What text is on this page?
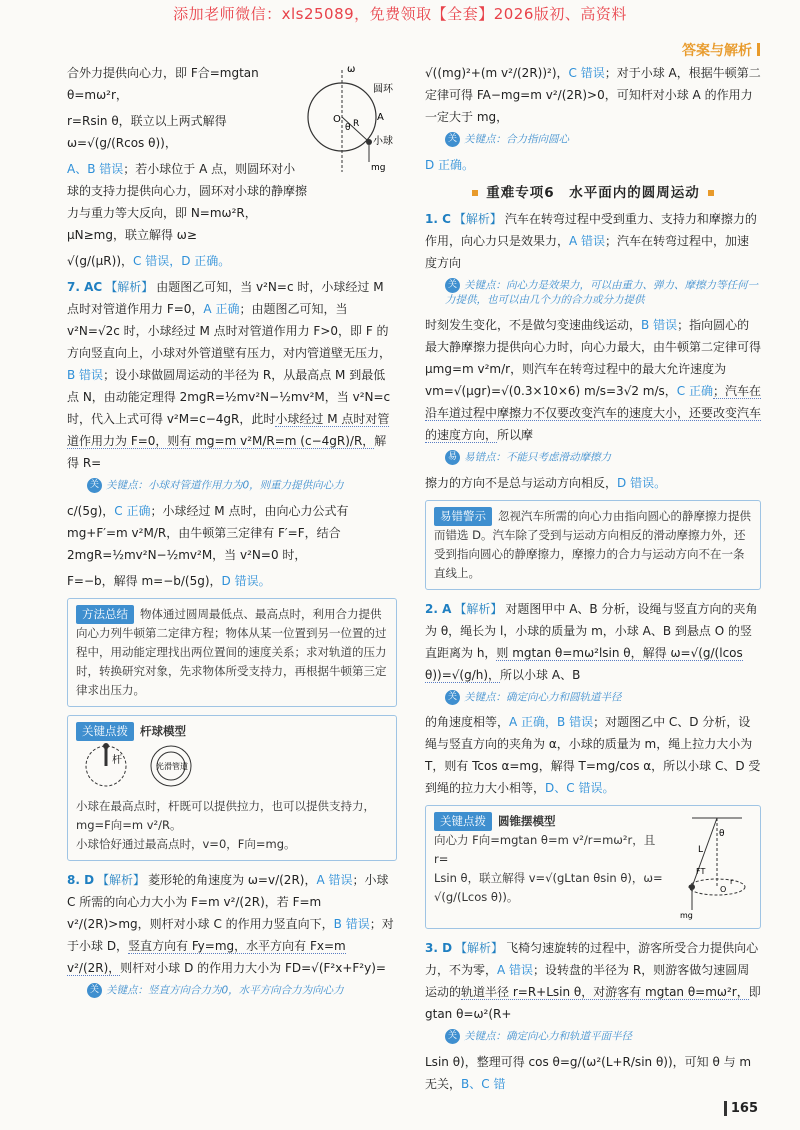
添加老师微信：xls25089，免费领取【全套】2026版初、高资料
答案与解析
合外力提供向心力，即 F合=mgtan θ=mω²r，
r=Rsin θ，联立以上两式解得 ω=√(g/(Rcos θ))，
A、B 错误；若小球位于 A 点，则圆环对小球的支持力提供向心力，圆环对小球的静摩擦力与重力等大反向，即 N=mω²R，μN≥mg，联立解得 ω≥
圆环
小球
ω
O
θ
A
R
mg
√(g/(μR))，C 错误，D 正确。
7. AC 【解析】 由题图乙可知，当 v²N=c 时，小球经过 M 点时对管道作用力 F=0，A 正确；由题图乙可知，当 v²N=√2c 时，小球经过 M 点时对管道作用力 F>0，即 F 的方向竖直向上，小球对外管道壁有压力，对内管道壁无压力，B 错误；设小球做圆周运动的半径为 R，从最高点 M 到最低点 N，由动能定理得 2mgR=½mv²N−½mv²M，当 v²N=c 时，代入上式可得 v²M=c−4gR，此时小球经过 M 点时对管道作用力为 F=0，则有 mg=m v²M/R=m (c−4gR)/R，解得 R=
关 关键点：小球对管道作用力为0，则重力提供向心力
c/(5g)，C 正确；小球经过 M 点时，由向心力公式有 mg+F′=m v²M/R，由牛顿第三定律有 F′=F，结合 2mgR=½mv²N−½mv²M，当 v²N=0 时，
F=−b，解得 m=−b/(5g)，D 错误。
方法总结 物体通过圆周最低点、最高点时，利用合力提供向心力列牛顿第二定律方程；物体从某一位置到另一位置的过程中，用动能定理找出两位置间的速度关系；求对轨道的压力时，转换研究对象，先求物体所受支持力，再根据牛顿第三定律求出压力。
关键点拨 杆球模型
杆
光滑管道
小球在最高点时，杆既可以提供拉力，也可以提供支持力，
mg=F向=m v²/R。
小球恰好通过最高点时，v=0，F向=mg。
8. D 【解析】 菱形轮的角速度为 ω=v/(2R)，A 错误；小球 C 所需的向心力大小为 F=m v²/(2R)，若 F=m v²/(2R)>mg，则杆对小球 C 的作用力竖直向下，B 错误；对于小球 D，竖直方向有 Fy=mg，水平方向有 Fx=m v²/(2R)，则杆对小球 D 的作用力大小为 FD=√(F²x+F²y)=
关 关键点：竖直方向合力为0，水平方向合力为向心力
√((mg)²+(m v²/(2R))²)，C 错误；对于小球 A，根据牛顿第二定律可得 FA−mg=m v²/(2R)>0，可知杆对小球 A 的作用力一定大于 mg，
关 关键点：合力指向圆心
D 正确。
重难专项6　水平面内的圆周运动
1. C 【解析】 汽车在转弯过程中受到重力、支持力和摩擦力的作用，向心力只是效果力，A 错误；汽车在转弯过程中，加速度方向
关 关键点：向心力是效果力，可以由重力、弹力、摩擦力等任何一力提供，也可以由几个力的合力或分力提供
时刻发生变化，不是做匀变速曲线运动，B 错误；指向圆心的最大静摩擦力提供向心力时，向心力最大，由牛顿第二定律可得 μmg=m v²m/r，则汽车在转弯过程中的最大允许速度为 vm=√(μgr)=√(0.3×10×6) m/s=3√2 m/s，C 正确；汽车在沿车道过程中摩擦力不仅要改变汽车的速度大小，还要改变汽车的速度方向，所以摩
易 易错点：不能只考虑滑动摩擦力
擦力的方向不是总与运动方向相反，D 错误。
易错警示 忽视汽车所需的向心力由指向圆心的静摩擦力提供而错选 D。汽车除了受到与运动方向相反的滑动摩擦力外，还受到指向圆心的静摩擦力，摩擦力的合力与运动方向不在一条直线上。
2. A 【解析】 对题图甲中 A、B 分析，设绳与竖直方向的夹角为 θ，绳长为 l，小球的质量为 m，小球 A、B 到悬点 O 的竖直距离为 h，则 mgtan θ=mω²lsin θ，解得 ω=√(g/(lcos θ))=√(g/h)，所以小球 A、B
关 关键点：确定向心力和圆轨道半径
的角速度相等，A 正确，B 错误；对题图乙中 C、D 分析，设绳与竖直方向的夹角为 α，小球的质量为 m，绳上拉力大小为 T，则有 Tcos α=mg，解得 T=mg/cos α，所以小球 C、D 受到绳的拉力大小相等，D、C 错误。
关键点拨 圆锥摆模型
向心力 F向=mgtan θ=m v²/r=mω²r，且 r=
Lsin θ，联立解得 v=√(gLtan θsin θ)，ω=
√(g/(Lcos θ))。
L
θ
FT
mg
O
r
3. D 【解析】 飞椅匀速旋转的过程中，游客所受合力提供向心力，不为零，A 错误；设转盘的半径为 R，则游客做匀速圆周运动的轨道半径 r=R+Lsin θ，对游客有 mgtan θ=mω²r，即 gtan θ=ω²(R+
关 关键点：确定向心力和轨道平面半径
Lsin θ)，整理可得 cos θ=g/(ω²(L+R/sin θ))，可知 θ 与 m 无关，B、C 错
165
